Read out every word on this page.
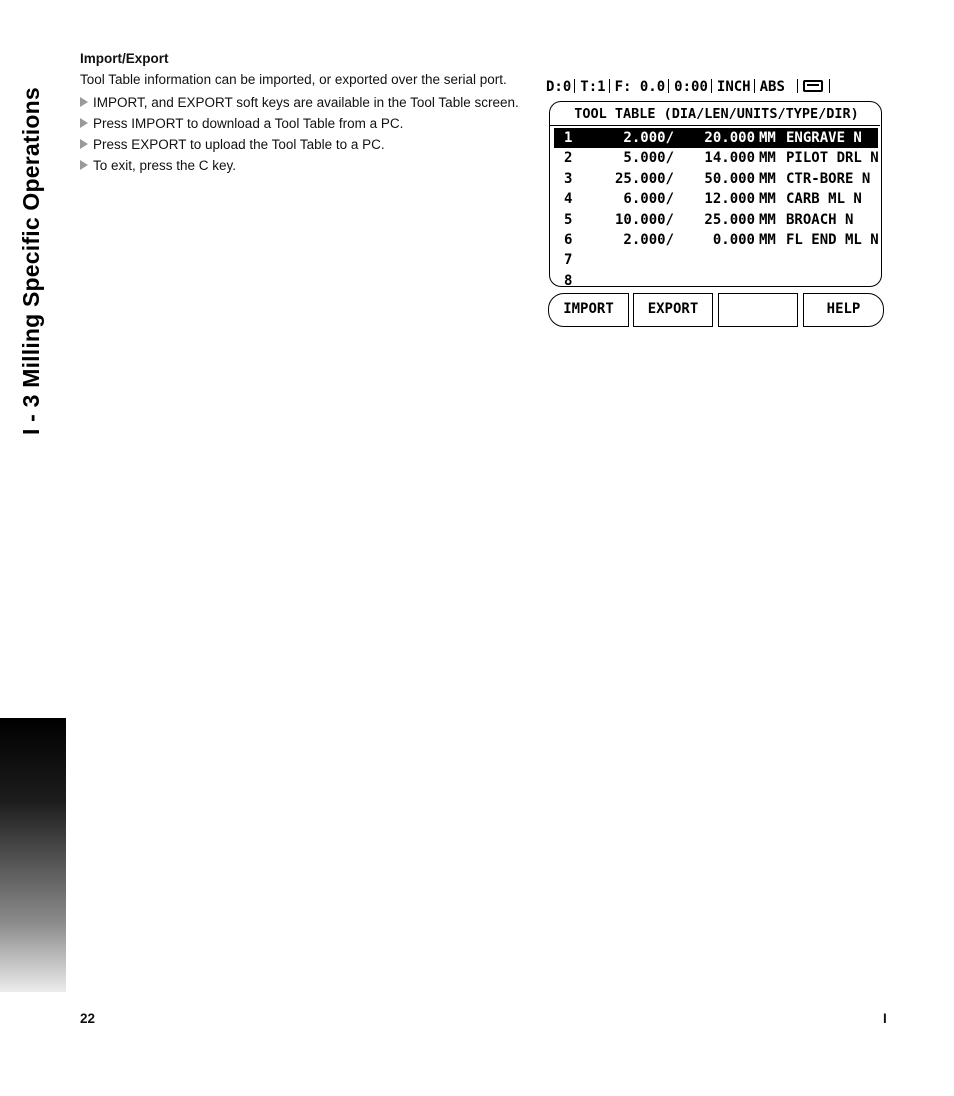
I - 3 Milling Specific Operations
Import/Export
Tool Table information can be imported, or exported over the serial port.
IMPORT, and EXPORT soft keys are available in the Tool Table screen.
Press IMPORT to download a Tool Table from a PC.
Press EXPORT to upload the Tool Table to a PC.
To exit, press the C key.
D:0 T:1 F: 0.0 0:00 INCH ABS
TOOL TABLE (DIA/LEN/UNITS/TYPE/DIR)
1	2.000/ 20.000 MM ENGRAVE N
2	5.000/ 14.000 MM PILOT DRL N
3	25.000/ 50.000 MM CTR-BORE N
4	6.000/ 12.000 MM CARB ML N
5	10.000/ 25.000 MM BROACH N
6	2.000/	0.000 MM FL END ML N
7
8
IMPORT	EXPORT	HELP
22	I
